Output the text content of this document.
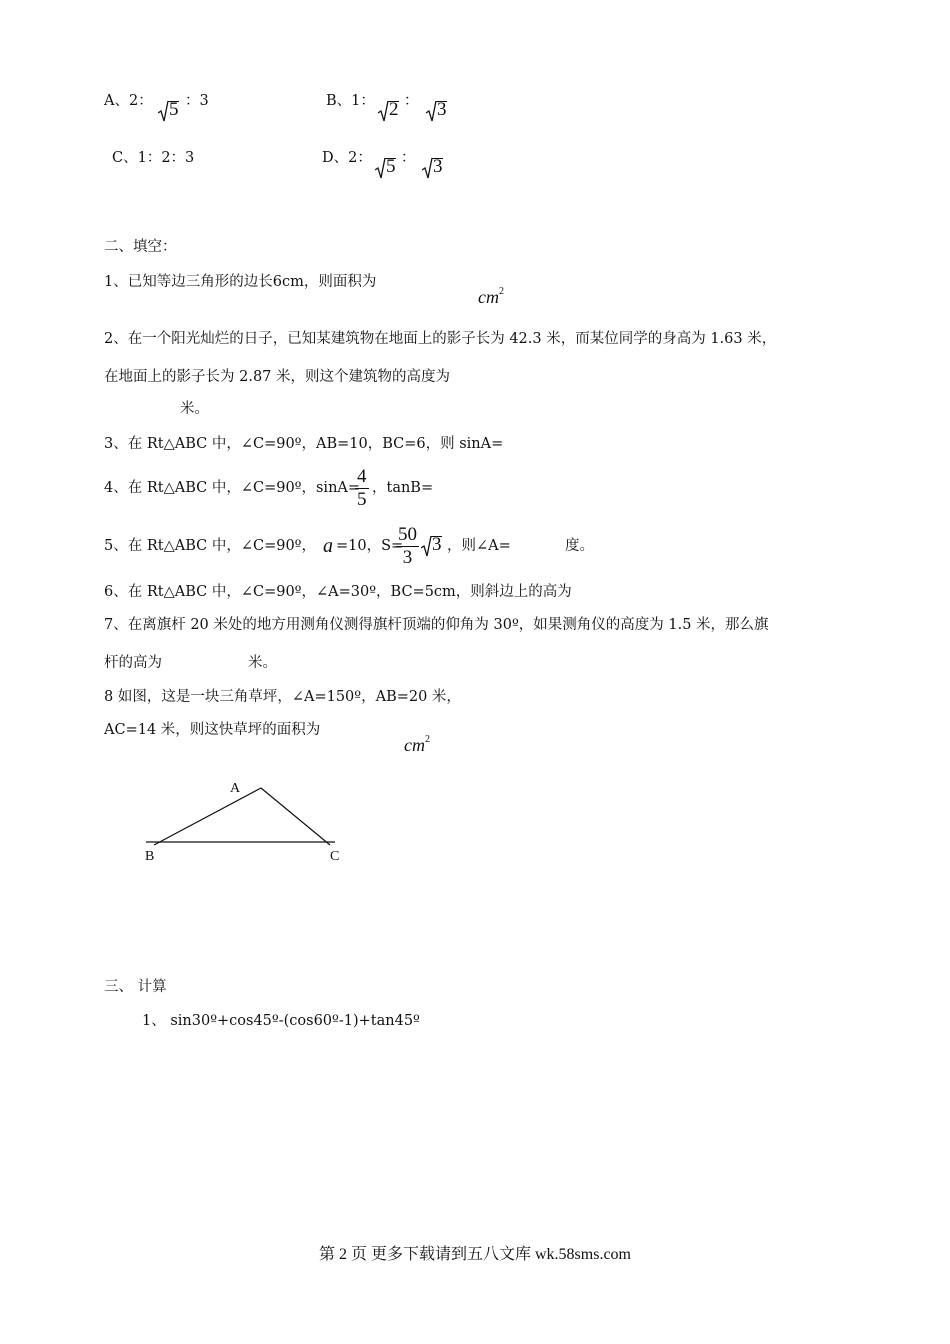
A、2： 5 ：3	B、1： 2 ： 3
C、1：2：3	D、2： 5 ： 3
二、填空：
1、已知等边三角形的边长6cm，则面积为
$cm^2$
2、在一个阳光灿烂的日子，已知某建筑物在地面上的影子长为 42.3 米，而某位同学的身高为 1.63 米，
在地面上的影子长为 2.87 米，则这个建筑物的高度为
米。
3、在 Rt△ABC 中，∠C=90º，AB=10，BC=6，则 sinA=
4、在 Rt△ABC 中，∠C=90º，sinA=
$\frac{4}{5}$ ，tanB=
5、在 Rt△ABC 中，∠C=90º， a =10，S=
$\frac{50}{3} 3$ ，则∠A=	度。
6、在 Rt△ABC 中，∠C=90º，∠A=30º，BC=5cm，则斜边上的高为
7、在离旗杆 20 米处的地方用测角仪测得旗杆顶端的仰角为 30º，如果测角仪的高度为 1.5 米，那么旗
杆的高为	米。
8 如图，这是一块三角草坪，∠A=150º，AB=20 米，
AC=14 米，则这快草坪的面积为
$cm^2$
A
B	C
三、 计算
1、 sin30º+cos45º-(cos60º-1)+tan45º
第 2 页 更多下载请到五八文库 wk.58sms.com
